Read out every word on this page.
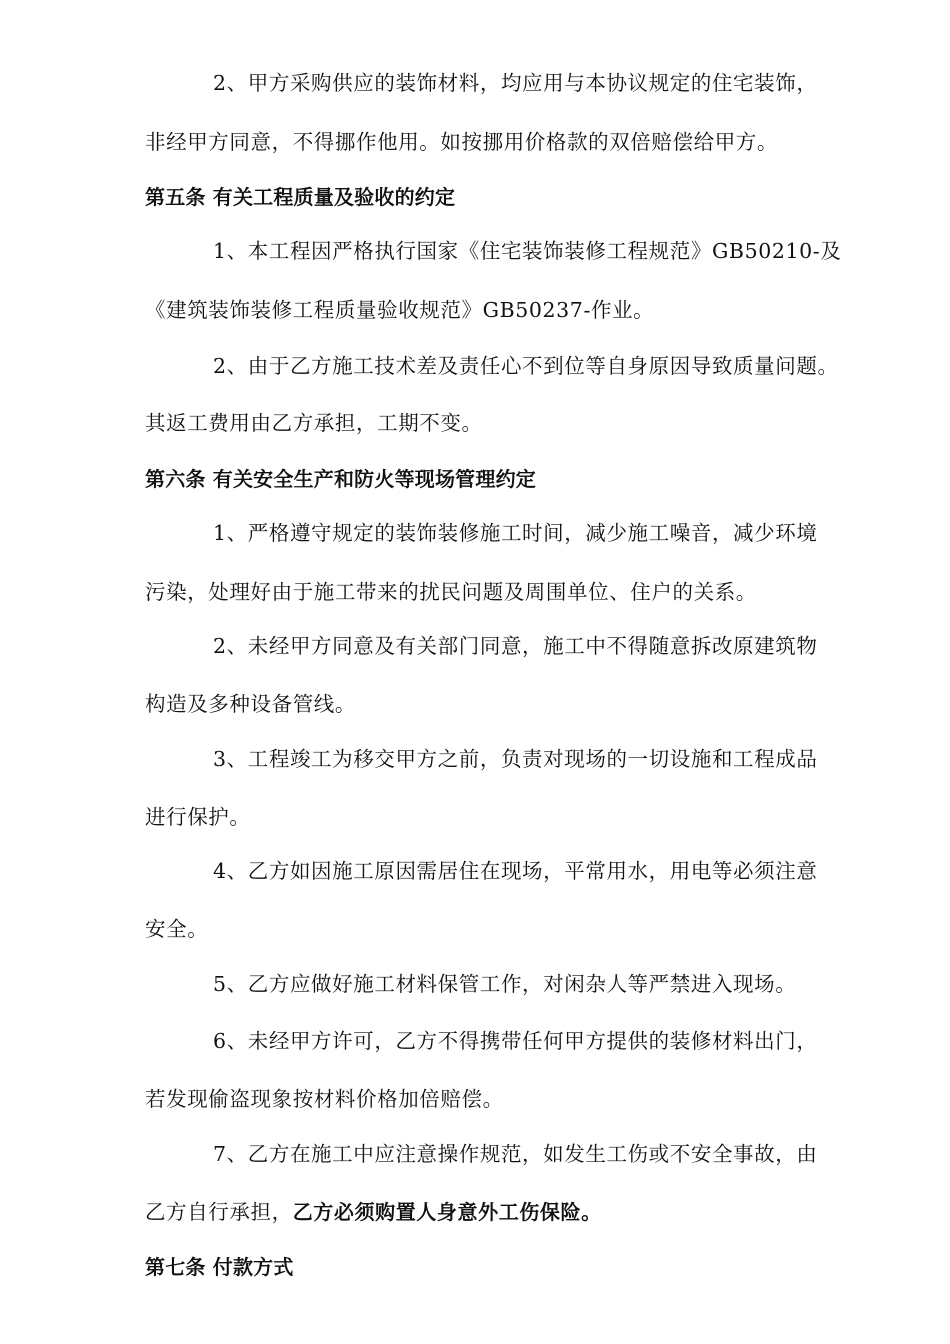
2、甲方采购供应的装饰材料，均应用与本协议规定的住宅装饰，
非经甲方同意，不得挪作他用。如按挪用价格款的双倍赔偿给甲方。
第五条 有关工程质量及验收的约定
1、本工程因严格执行国家《住宅装饰装修工程规范》GB50210-及
《建筑装饰装修工程质量验收规范》GB50237-作业。
2、由于乙方施工技术差及责任心不到位等自身原因导致质量问题。
其返工费用由乙方承担，工期不变。
第六条 有关安全生产和防火等现场管理约定
1、严格遵守规定的装饰装修施工时间，减少施工噪音，减少环境
污染，处理好由于施工带来的扰民问题及周围单位、住户的关系。
2、未经甲方同意及有关部门同意，施工中不得随意拆改原建筑物
构造及多种设备管线。
3、工程竣工为移交甲方之前，负责对现场的一切设施和工程成品
进行保护。
4、乙方如因施工原因需居住在现场，平常用水，用电等必须注意
安全。
5、乙方应做好施工材料保管工作，对闲杂人等严禁进入现场。
6、未经甲方许可，乙方不得携带任何甲方提供的装修材料出门，
若发现偷盗现象按材料价格加倍赔偿。
7、乙方在施工中应注意操作规范，如发生工伤或不安全事故，由
乙方自行承担，乙方必须购置人身意外工伤保险。
第七条 付款方式
